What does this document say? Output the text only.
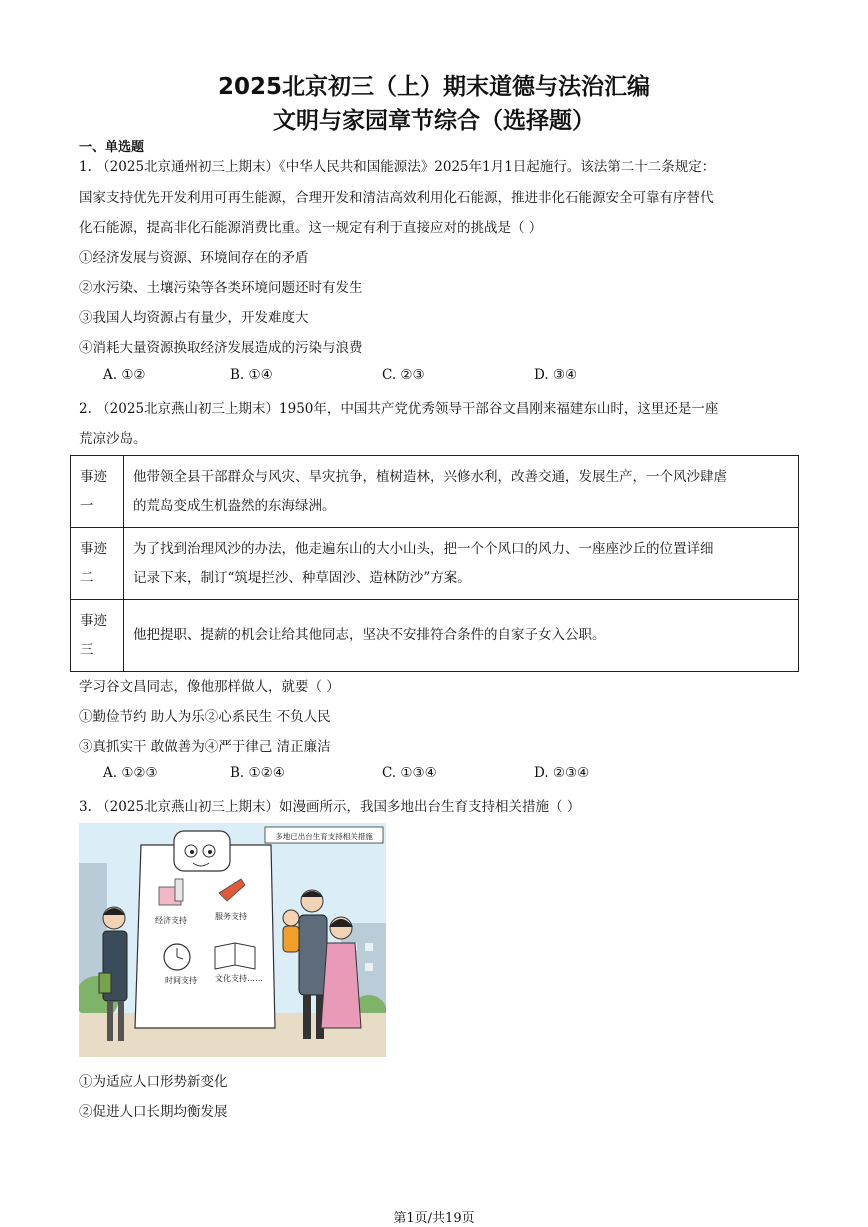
2025北京初三（上）期末道德与法治汇编
文明与家园章节综合（选择题）
一、单选题
1. （2025北京通州初三上期末）《中华人民共和国能源法》2025年1月1日起施行。该法第二十二条规定：
国家支持优先开发利用可再生能源，合理开发和清洁高效利用化石能源，推进非化石能源安全可靠有序替代
化石能源，提高非化石能源消费比重。这一规定有利于直接应对的挑战是（ ）
①经济发展与资源、环境间存在的矛盾
②水污染、土壤污染等各类环境问题还时有发生
③我国人均资源占有量少，开发难度大
④消耗大量资源换取经济发展造成的污染与浪费
A. ①②	B. ①④	C. ②③	D. ③④
2. （2025北京燕山初三上期末）1950年，中国共产党优秀领导干部谷文昌刚来福建东山时，这里还是一座
荒凉沙岛。
事迹
一	他带领全县干部群众与风灾、旱灾抗争，植树造林，兴修水利，改善交通，发展生产，一个风沙肆虐
的荒岛变成生机盎然的东海绿洲。
事迹
二	为了找到治理风沙的办法，他走遍东山的大小山头，把一个个风口的风力、一座座沙丘的位置详细
记录下来，制订“筑堤拦沙、种草固沙、造林防沙”方案。
事迹
三	他把提职、提薪的机会让给其他同志，坚决不安排符合条件的自家子女入公职。
学习谷文昌同志，像他那样做人，就要（ ）
①勤俭节约 助人为乐②心系民生 不负人民
③真抓实干 敢做善为④严于律己 清正廉洁
A. ①②③	B. ①②④	C. ①③④	D. ②③④
3. （2025北京燕山初三上期末）如漫画所示，我国多地出台生育支持相关措施（ ）
多地已出台生育支持相关措施
经济支持	服务支持
时间支持 文化支持……
①为适应人口形势新变化
②促进人口长期均衡发展
第1页/共19页
